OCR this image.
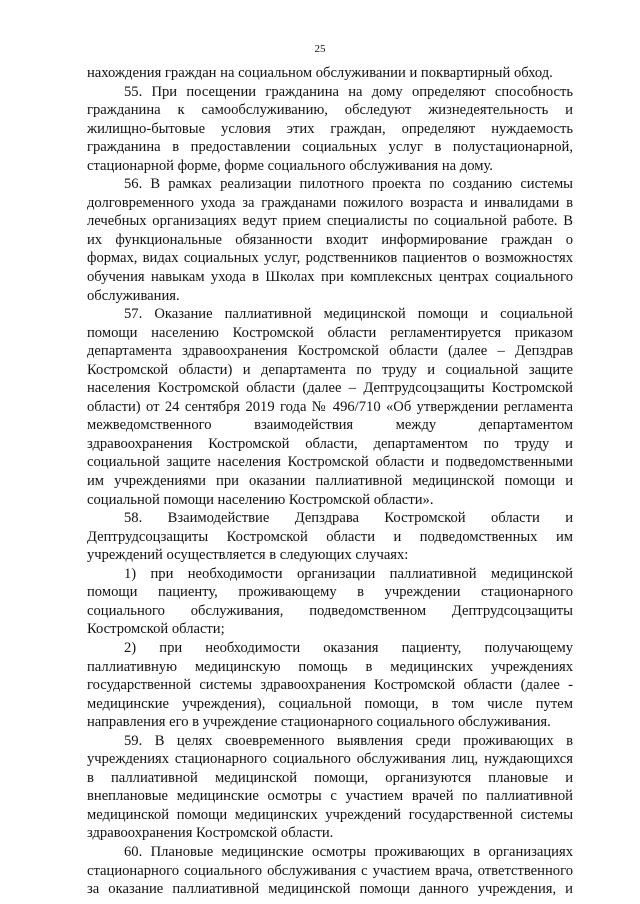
25
нахождения граждан на социальном обслуживании и поквартирный обход.
55. При посещении гражданина на дому определяют способность
гражданина к самообслуживанию, обследуют жизнедеятельность и
жилищно-бытовые условия этих граждан, определяют нуждаемость
гражданина в предоставлении социальных услуг в полустационарной,
стационарной форме, форме социального обслуживания на дому.
56. В рамках реализации пилотного проекта по созданию системы
долговременного ухода за гражданами пожилого возраста и инвалидами в
лечебных организациях ведут прием специалисты по социальной работе. В
их функциональные обязанности входит информирование граждан о
формах, видах социальных услуг, родственников пациентов о возможностях
обучения навыкам ухода в Школах при комплексных центрах социального
обслуживания.
57. Оказание паллиативной медицинской помощи и социальной
помощи населению Костромской области регламентируется приказом
департамента здравоохранения Костромской области (далее – Депздрав
Костромской области) и департамента по труду и социальной защите
населения Костромской области (далее – Дептрудсоцзащиты Костромской
области) от 24 сентября 2019 года № 496/710 «Об утверждении регламента
межведомственного взаимодействия между департаментом
здравоохранения Костромской области, департаментом по труду и
социальной защите населения Костромской области и подведомственными
им учреждениями при оказании паллиативной медицинской помощи и
социальной помощи населению Костромской области».
58. Взаимодействие Депздрава Костромской области и
Дептрудсоцзащиты Костромской области и подведомственных им
учреждений осуществляется в следующих случаях:
1) при необходимости организации паллиативной медицинской
помощи пациенту, проживающему в учреждении стационарного
социального обслуживания, подведомственном Дептрудсоцзащиты
Костромской области;
2) при необходимости оказания пациенту, получающему
паллиативную медицинскую помощь в медицинских учреждениях
государственной системы здравоохранения Костромской области (далее -
медицинские учреждения), социальной помощи, в том числе путем
направления его в учреждение стационарного социального обслуживания.
59. В целях своевременного выявления среди проживающих в
учреждениях стационарного социального обслуживания лиц, нуждающихся
в паллиативной медицинской помощи, организуются плановые и
внеплановые медицинские осмотры с участием врачей по паллиативной
медицинской помощи медицинских учреждений государственной системы
здравоохранения Костромской области.
60. Плановые медицинские осмотры проживающих в организациях
стационарного социального обслуживания с участием врача, ответственного
за оказание паллиативной медицинской помощи данного учреждения, и
